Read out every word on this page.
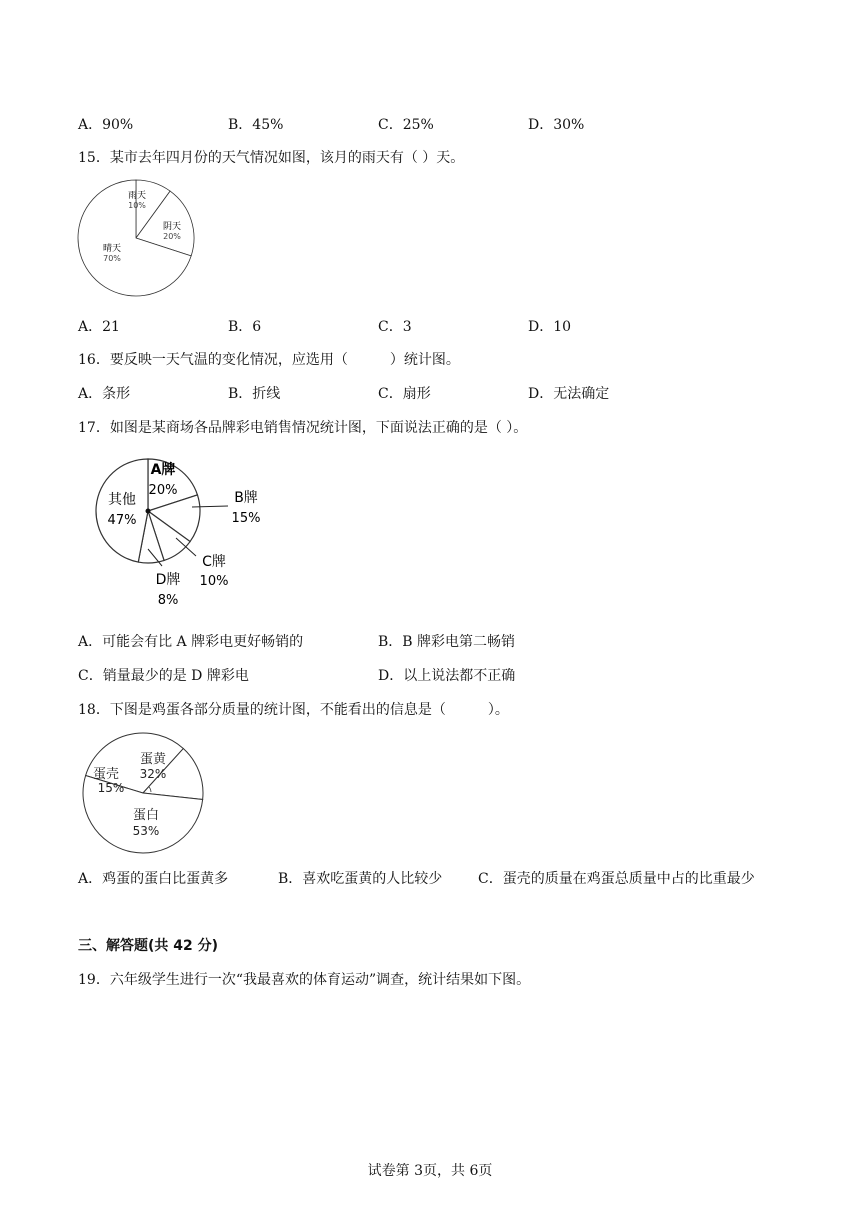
A．90%	B．45%	C．25%	D．30%
15．某市去年四月份的天气情况如图，该月的雨天有（ ）天。
雨天
10%
阴天
20%
晴天
70%
A．21	B．6	C．3	D．10
16．要反映一天气温的变化情况，应选用（　　　）统计图。
A．条形	B．折线	C．扇形	D．无法确定
17．如图是某商场各品牌彩电销售情况统计图，下面说法正确的是（ ）。
A牌
20%	B牌
15%
C牌
10%
D牌
8%
其他
47%
A．可能会有比 A 牌彩电更好畅销的	B．B 牌彩电第二畅销
C．销量最少的是 D 牌彩电	D．以上说法都不正确
18．下图是鸡蛋各部分质量的统计图，不能看出的信息是（　　　）。
蛋黄
32%
蛋壳
15%
蛋白
53%
A．鸡蛋的蛋白比蛋黄多	B．喜欢吃蛋黄的人比较少	C．蛋壳的质量在鸡蛋总质量中占的比重最少
三、解答题(共 42 分)
19．六年级学生进行一次“我最喜欢的体育运动”调查，统计结果如下图。
试卷第 3页，共 6页
